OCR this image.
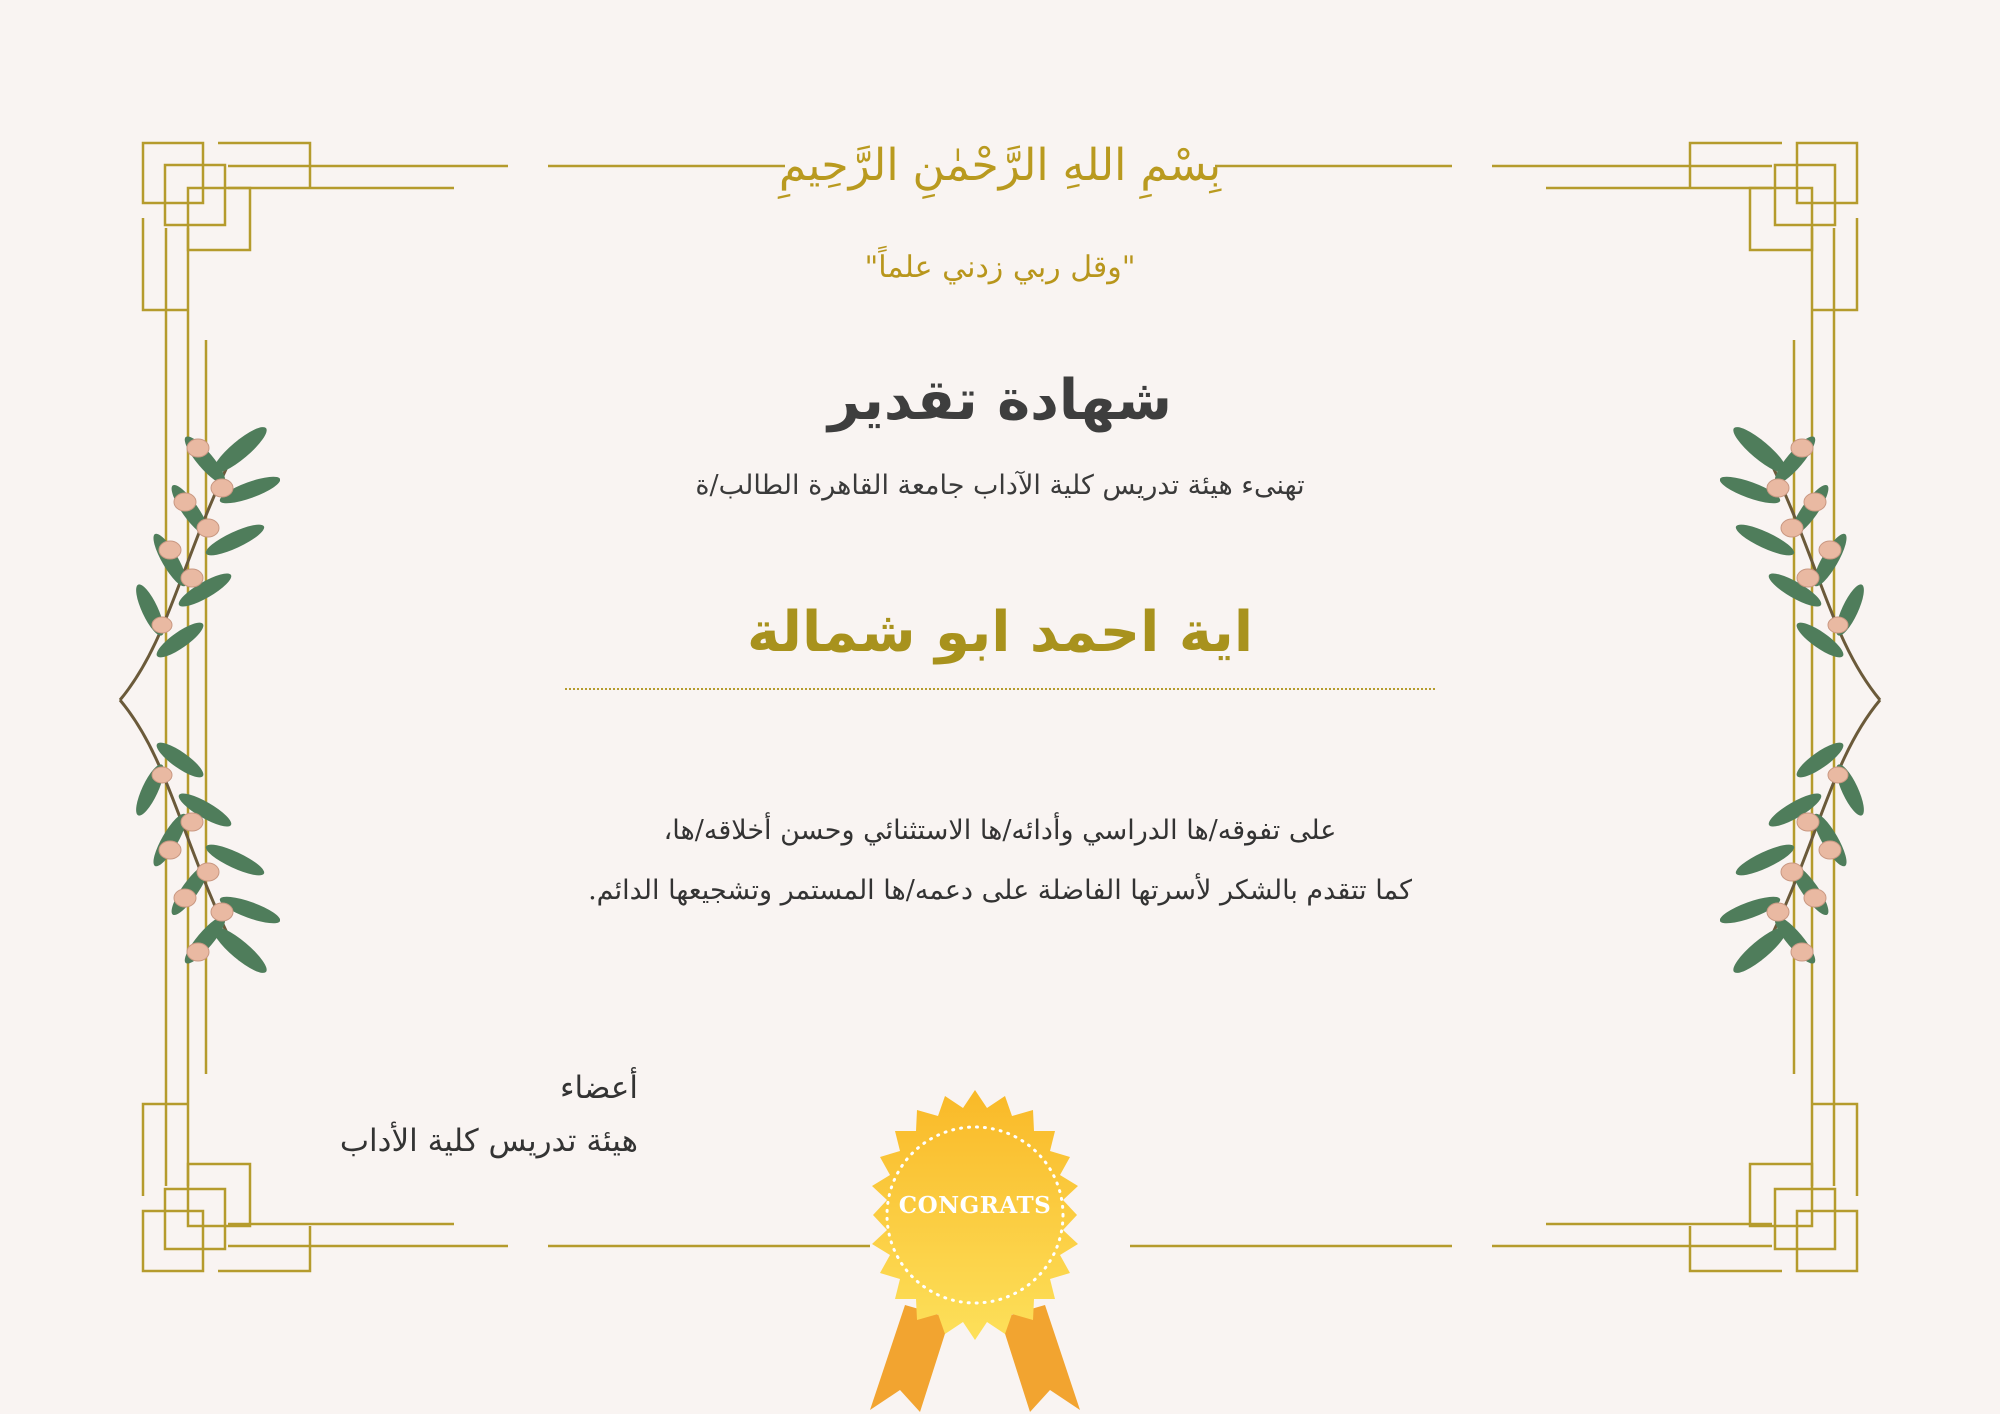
بِسْمِ اللهِ الرَّحْمٰنِ الرَّحِيمِ
"وقل ربي زدني علماً"
شهادة تقدير
تهنىء هيئة تدريس كلية الآداب جامعة القاهرة الطالب/ة
اية احمد ابو شمالة
على تفوقه/ها الدراسي وأدائه/ها الاستثنائي وحسن أخلاقه/ها،
كما تتقدم بالشكر لأسرتها الفاضلة على دعمه/ها المستمر وتشجيعها الدائم.
أعضاء
هيئة تدريس كلية الأداب
CONGRATS
